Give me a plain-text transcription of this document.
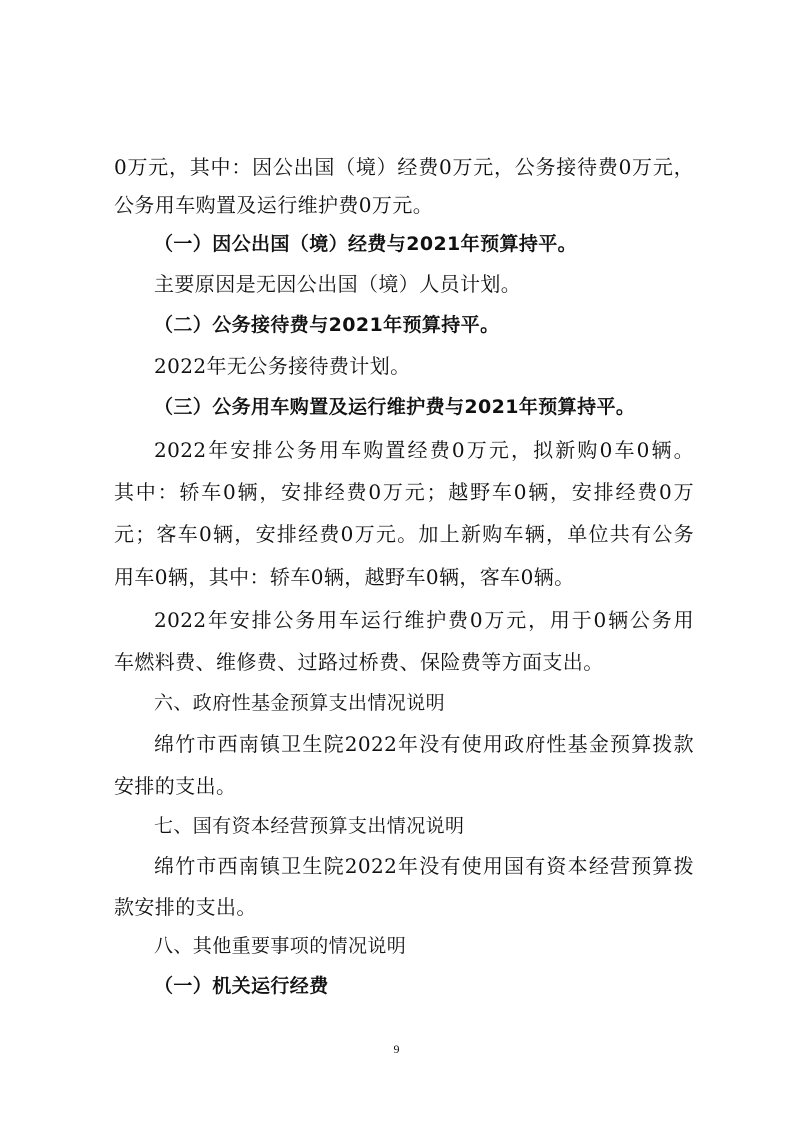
0万元，其中：因公出国（境）经费0万元，公务接待费0万元，
公务用车购置及运行维护费0万元。
（一）因公出国（境）经费与2021年预算持平。
主要原因是无因公出国（境）人员计划。
（二）公务接待费与2021年预算持平。
2022年无公务接待费计划。
（三）公务用车购置及运行维护费与2021年预算持平。
2022年安排公务用车购置经费0万元，拟新购0车0辆。
其中：轿车0辆，安排经费0万元；越野车0辆，安排经费0万
元；客车0辆，安排经费0万元。加上新购车辆，单位共有公务
用车0辆，其中：轿车0辆，越野车0辆，客车0辆。
2022年安排公务用车运行维护费0万元，用于0辆公务用
车燃料费、维修费、过路过桥费、保险费等方面支出。
六、政府性基金预算支出情况说明
绵竹市西南镇卫生院2022年没有使用政府性基金预算拨款
安排的支出。
七、国有资本经营预算支出情况说明
绵竹市西南镇卫生院2022年没有使用国有资本经营预算拨
款安排的支出。
八、其他重要事项的情况说明
（一）机关运行经费
9
